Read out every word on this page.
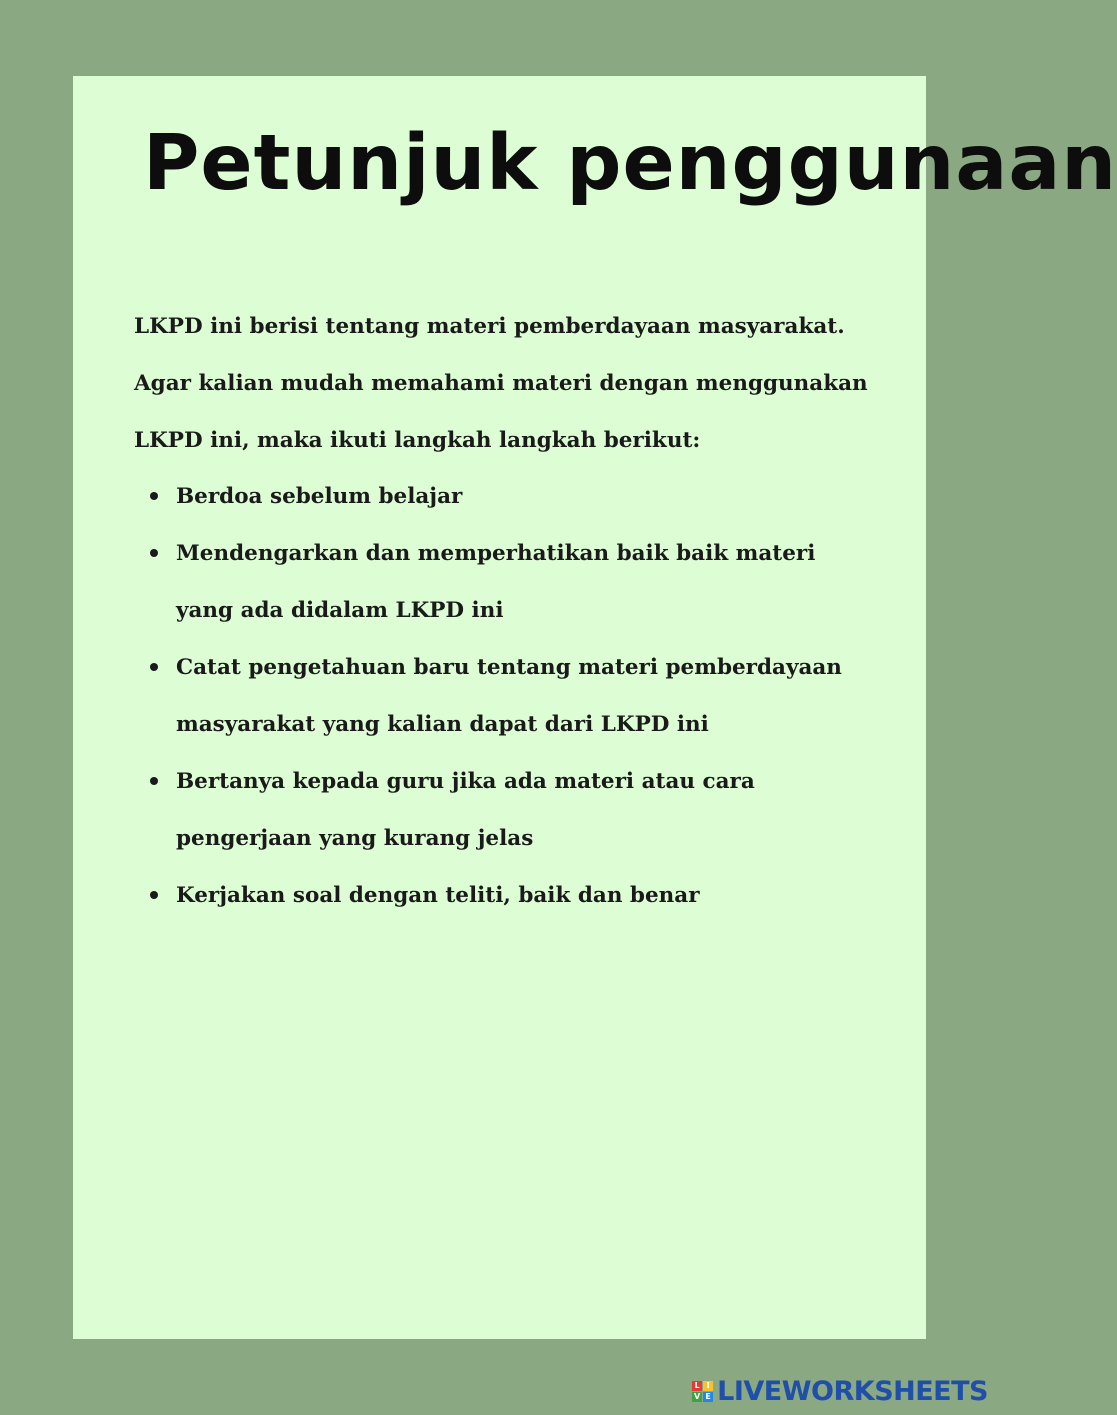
Petunjuk penggunaan

LKPD ini berisi tentang materi pemberdayaan masyarakat. Agar kalian mudah memahami materi dengan menggunakan LKPD ini, maka ikuti langkah langkah berikut:

Berdoa sebelum belajar
Mendengarkan dan memperhatikan baik baik materi yang ada didalam LKPD ini
Catat pengetahuan baru tentang materi pemberdayaan masyarakat yang kalian dapat dari LKPD ini
Bertanya kepada guru jika ada materi atau cara pengerjaan yang kurang jelas
Kerjakan soal dengan teliti, baik dan benar
L I
V E LIVEWORKSHEETS
